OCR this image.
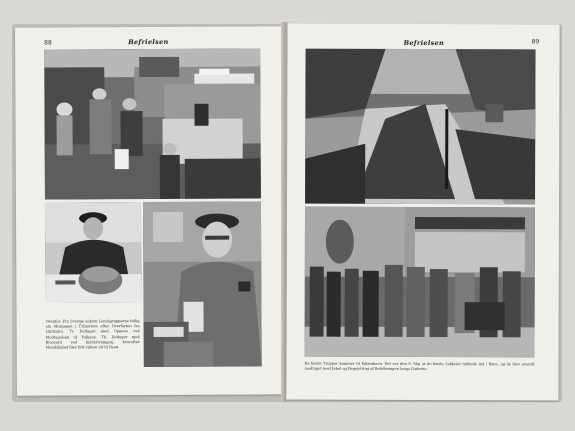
88	Befrielsen
Ovenfor: Fra Sverige ankom Landsgrupperne tidlig om Morgenen i Frihavnen efter Overfarten fra Limhamn. Tv. Deltager med Opgave ved Modtagelsen af Folkene. Th. Deltager med Brassard ved Indskrivningen, hvorefter Mandskabet blev ført videre ud til Byen.
Befrielsen	89
De første Tropper kommer til København. Det var den 9. Maj at de første Soldater rykkede ind i Byen, og de blev overalt modtaget med Jubel og Begejstring af Befolkningen langs Gaderne.
